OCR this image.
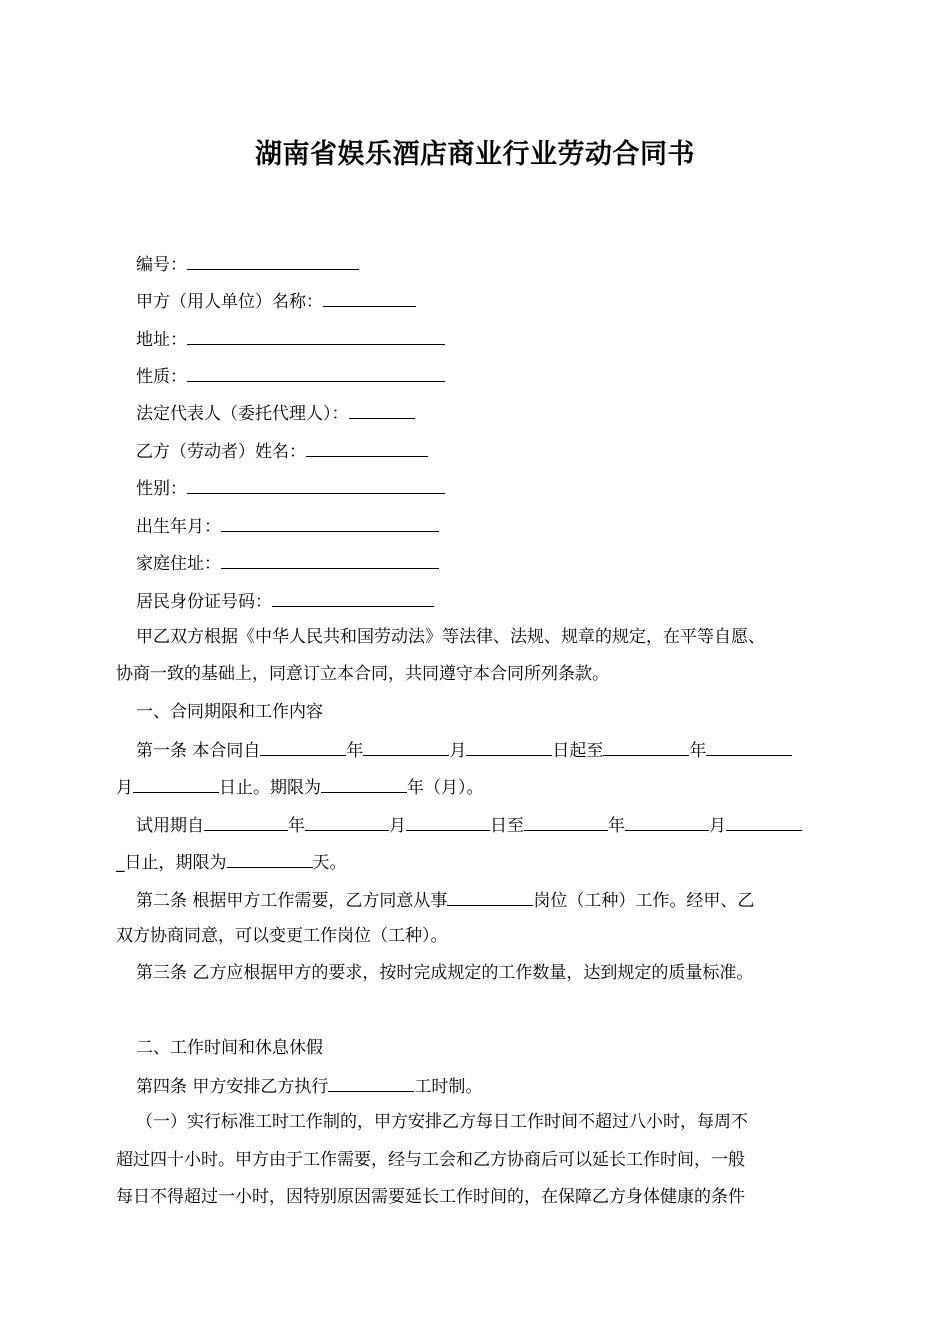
湖南省娱乐酒店商业行业劳动合同书
编号：
甲方（用人单位）名称：
地址：
性质：
法定代表人（委托代理人）：
乙方（劳动者）姓名：
性别：
出生年月：
家庭住址：
居民身份证号码：
甲乙双方根据《中华人民共和国劳动法》等法律、法规、规章的规定，在平等自愿、
协商一致的基础上，同意订立本合同，共同遵守本合同所列条款。
一、合同期限和工作内容
第一条 本合同自	年	月	日起至	年
月	日止。期限为	年（月）。
试用期自	年	月	日至	年	月
_日止，期限为	天。
第二条 根据甲方工作需要，乙方同意从事	岗位（工种）工作。经甲、乙
双方协商同意，可以变更工作岗位（工种）。
第三条 乙方应根据甲方的要求，按时完成规定的工作数量，达到规定的质量标准。
二、工作时间和休息休假
第四条 甲方安排乙方执行	工时制。
（一）实行标准工时工作制的，甲方安排乙方每日工作时间不超过八小时，每周不
超过四十小时。甲方由于工作需要，经与工会和乙方协商后可以延长工作时间，一般
每日不得超过一小时，因特别原因需要延长工作时间的，在保障乙方身体健康的条件
